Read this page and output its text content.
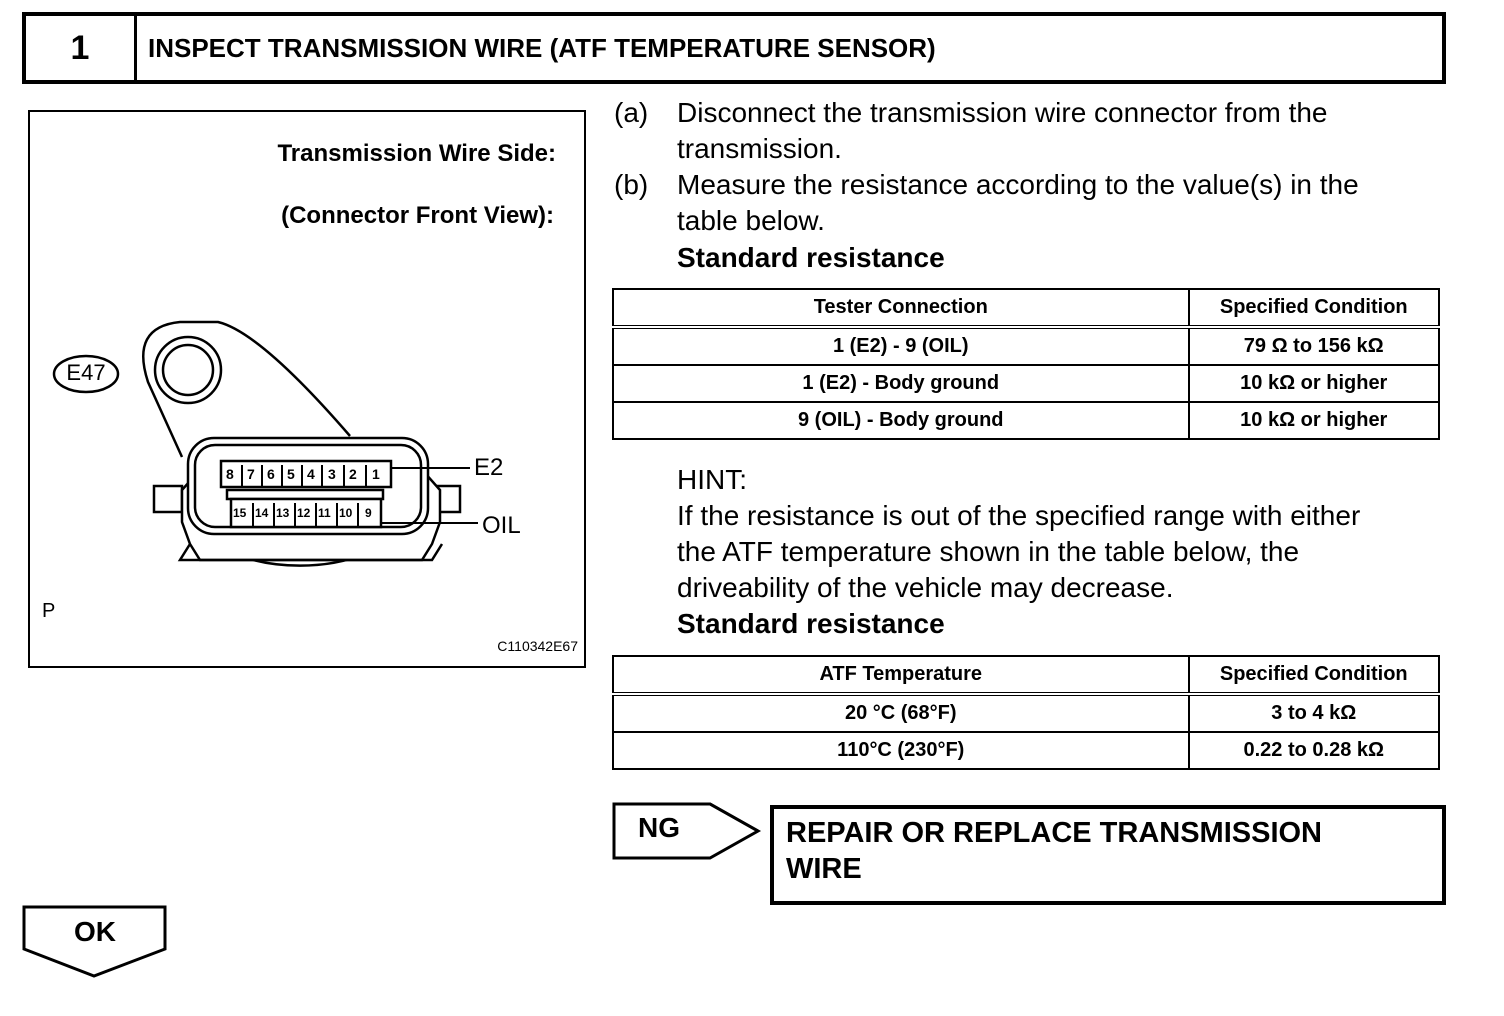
1	INSPECT TRANSMISSION WIRE (ATF TEMPERATURE SENSOR)
Transmission Wire Side:
(Connector Front View):
8 7 6 5 4 3 2 1
15 14 13 12 11 10 9
E47
E2
OIL
P
C110342E67
(a) Disconnect the transmission wire connector from the
transmission.
(b) Measure the resistance according to the value(s) in the
table below.
Standard resistance
Tester Connection	Specified Condition
1 (E2) - 9 (OIL)	79 Ω to 156 kΩ
1 (E2) - Body ground	10 kΩ or higher
9 (OIL) - Body ground	10 kΩ or higher
HINT:
If the resistance is out of the specified range with either
the ATF temperature shown in the table below, the
driveability of the vehicle may decrease.
Standard resistance
ATF Temperature	Specified Condition
20 °C (68°F)	3 to 4 kΩ
110°C (230°F)	0.22 to 0.28 kΩ
NG	REPAIR OR REPLACE TRANSMISSION
WIRE
OK
